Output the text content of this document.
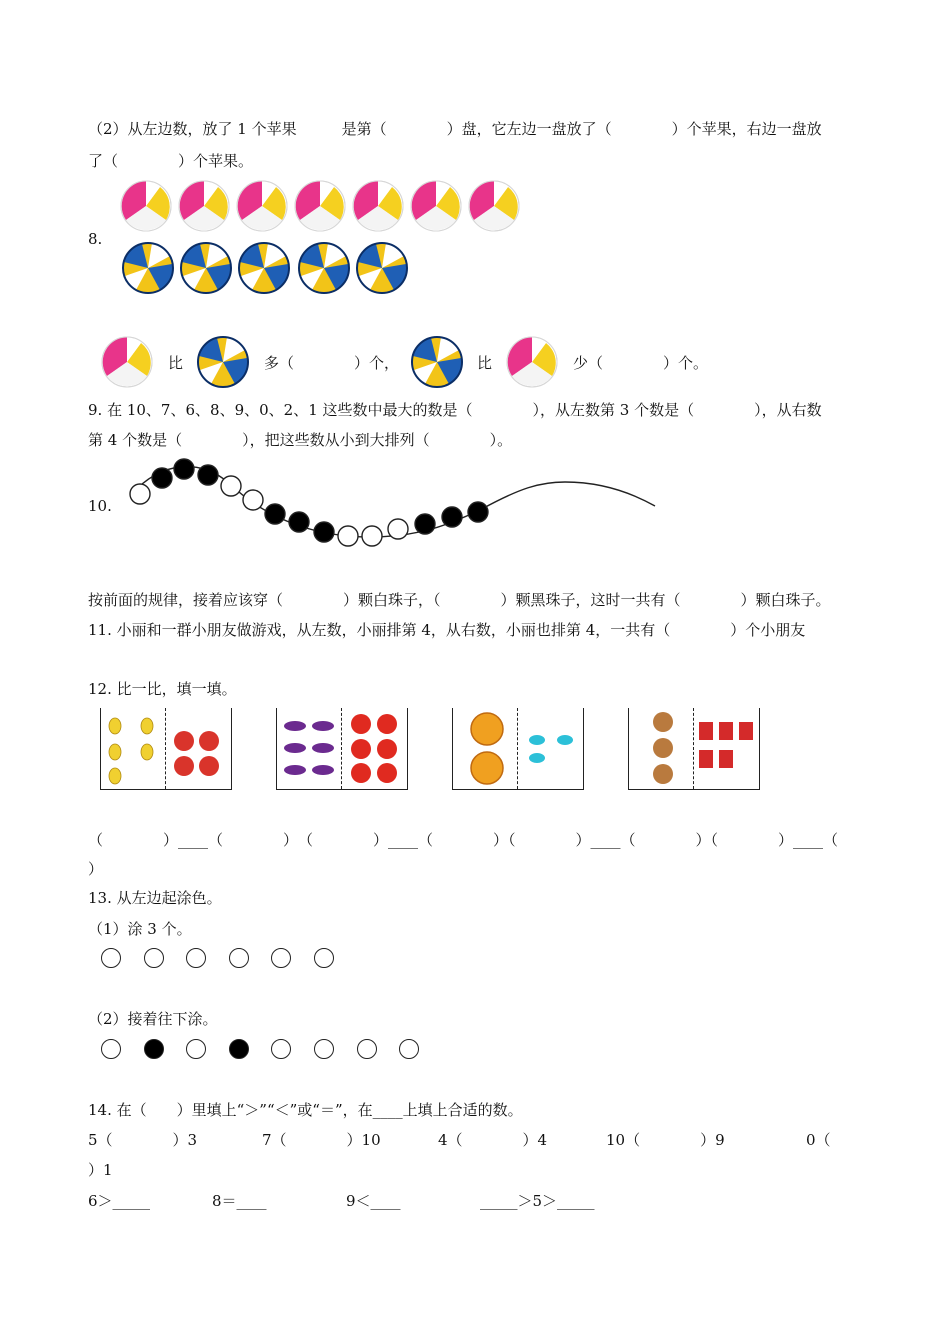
（2）从左边数，放了 1 个苹果　　　是第（　　　　）盘，它左边一盘放了（　　　　）个苹果，右边一盘放
了（　　　　）个苹果。
8.
比	多（　　　　）个，	比	少（　　　　）个。
9. 在 10、7、6、8、9、0、2、1 这些数中最大的数是（　　　　），从左数第 3 个数是（　　　　），从右数
第 4 个数是（　　　　），把这些数从小到大排列（　　　　）。
10.
按前面的规律，接着应该穿（　　　　）颗白珠子，（　　　　）颗黑珠子，这时一共有（　　　　）颗白珠子。
11. 小丽和一群小朋友做游戏，从左数，小丽排第 4，从右数，小丽也排第 4，一共有（　　　　）个小朋友
12. 比一比，填一填。
（　　　　）____（　　　　）　（　　　　）____（　　　　）（　　　　）____（　　　　）（　　　　）____（
）
13. 从左边起涂色。
（1）涂 3 个。
（2）接着往下涂。
14. 在（　　）里填上“＞”“＜”或“＝”，在____上填上合适的数。
5（　　　　）3	7（　　　　）10	4（　　　　）4	10（　　　　）9	0（
）1
6＞_____	8＝____	9＜____	_____＞5＞_____
